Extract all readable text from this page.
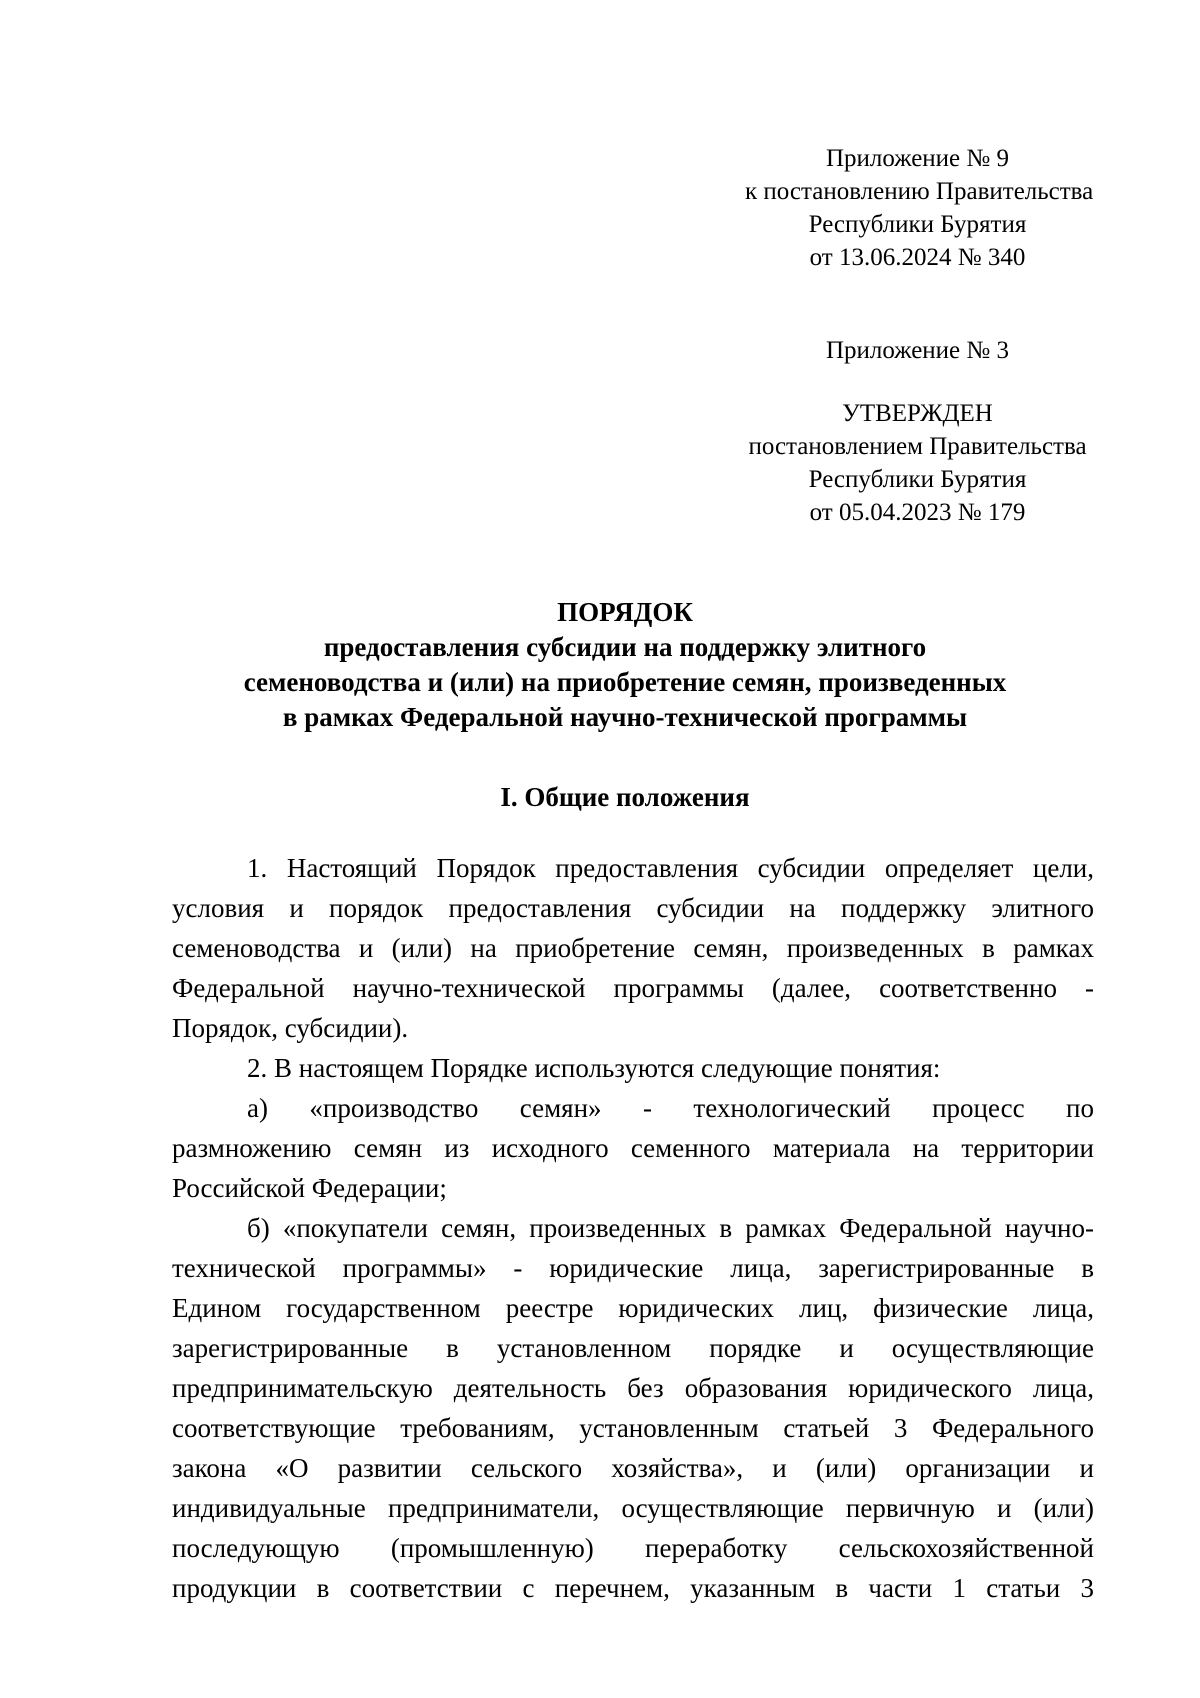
Приложение № 9
к постановлению Правительства
Республики Бурятия
от 13.06.2024 № 340
Приложение № 3
УТВЕРЖДЕН
постановлением Правительства
Республики Бурятия
от 05.04.2023 № 179
ПОРЯДОК
предоставления субсидии на поддержку элитного
семеноводства и (или) на приобретение семян, произведенных
в рамках Федеральной научно-технической программы
I. Общие положения
1. Настоящий Порядок предоставления субсидии определяет цели,
условия и порядок предоставления субсидии на поддержку элитного
семеноводства и (или) на приобретение семян, произведенных в рамках
Федеральной научно-технической программы (далее, соответственно -
Порядок, субсидии).
2. В настоящем Порядке используются следующие понятия:
а) «производство семян» - технологический процесс по
размножению семян из исходного семенного материала на территории
Российской Федерации;
б) «покупатели семян, произведенных в рамках Федеральной научно-
технической программы» - юридические лица, зарегистрированные в
Едином государственном реестре юридических лиц, физические лица,
зарегистрированные в установленном порядке и осуществляющие
предпринимательскую деятельность без образования юридического лица,
соответствующие требованиям, установленным статьей 3 Федерального
закона «О развитии сельского хозяйства», и (или) организации и
индивидуальные предприниматели, осуществляющие первичную и (или)
последующую (промышленную) переработку сельскохозяйственной
продукции в соответствии с перечнем, указанным в части 1 статьи 3
